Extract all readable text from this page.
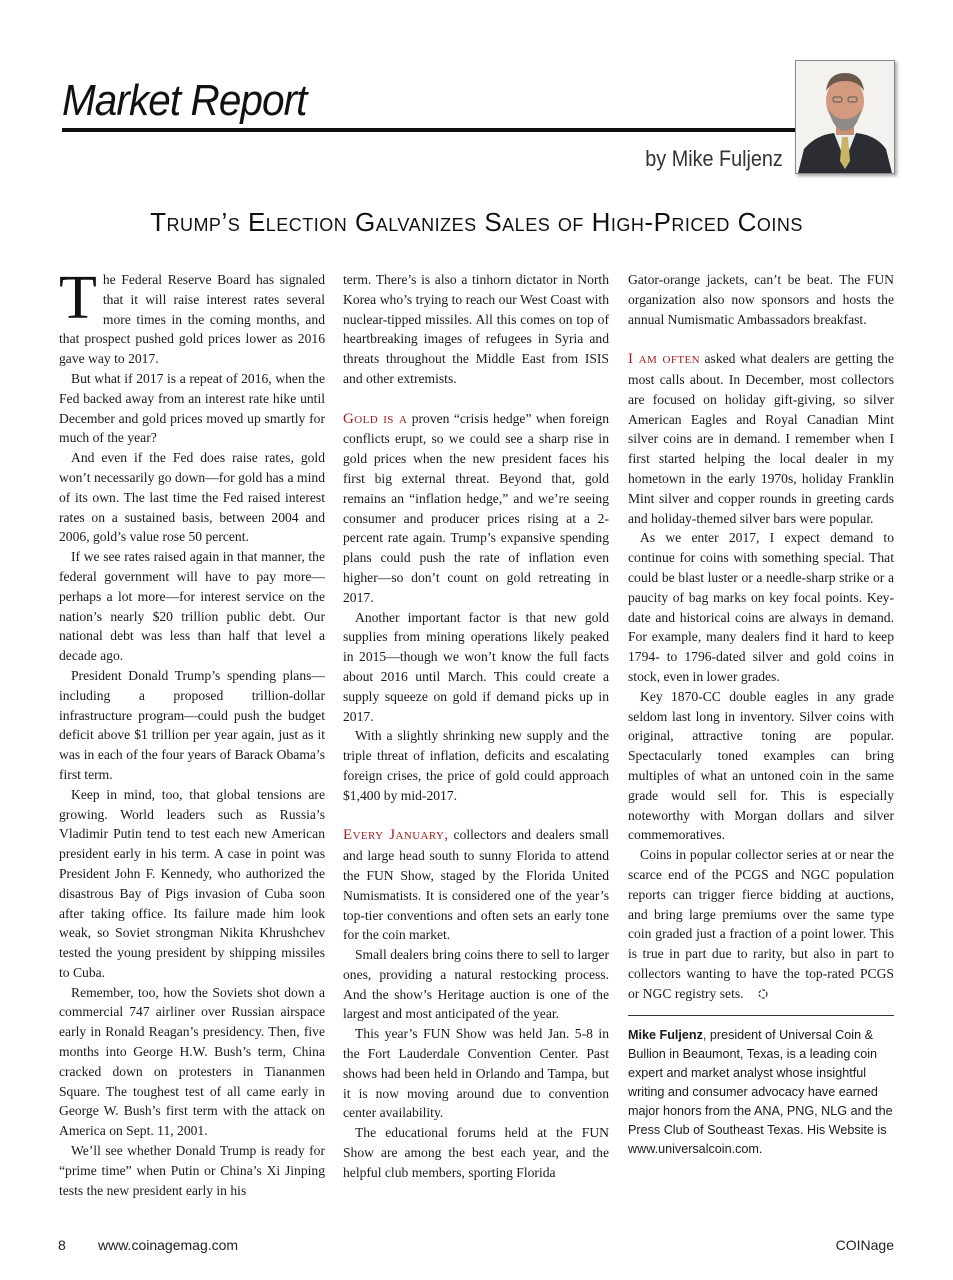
Market Report
by Mike Fuljenz
Trump’s Election Galvanizes Sales of High-Priced Coins

The Federal Reserve Board has signaled that it will raise interest rates several more times in the coming months, and that prospect pushed gold prices lower as 2016 gave way to 2017.

But what if 2017 is a repeat of 2016, when the Fed backed away from an interest rate hike until December and gold prices moved up smartly for much of the year?

And even if the Fed does raise rates, gold won’t necessarily go down—for gold has a mind of its own. The last time the Fed raised interest rates on a sustained basis, between 2004 and 2006, gold’s value rose 50 percent.

If we see rates raised again in that manner, the federal government will have to pay more—perhaps a lot more—for interest service on the nation’s nearly $20 trillion public debt. Our national debt was less than half that level a decade ago.

President Donald Trump’s spending plans—including a proposed trillion-dollar infrastructure program—could push the budget deficit above $1 trillion per year again, just as it was in each of the four years of Barack Obama’s first term.

Keep in mind, too, that global tensions are growing. World leaders such as Russia’s Vladimir Putin tend to test each new American president early in his term. A case in point was President John F. Kennedy, who authorized the disastrous Bay of Pigs invasion of Cuba soon after taking office. Its failure made him look weak, so Soviet strongman Nikita Khrushchev tested the young president by shipping missiles to Cuba.

Remember, too, how the Soviets shot down a commercial 747 airliner over Russian airspace early in Ronald Reagan’s presidency. Then, five months into George H.W. Bush’s term, China cracked down on protesters in Tiananmen Square. The toughest test of all came early in George W. Bush’s first term with the attack on America on Sept. 11, 2001.

We’ll see whether Donald Trump is ready for “prime time” when Putin or China’s Xi Jinping tests the new president early in his

term. There’s is also a tinhorn dictator in North Korea who’s trying to reach our West Coast with nuclear-tipped missiles. All this comes on top of heartbreaking images of refugees in Syria and threats throughout the Middle East from ISIS and other extremists.

Gold is a proven “crisis hedge” when foreign conflicts erupt, so we could see a sharp rise in gold prices when the new president faces his first big external threat. Beyond that, gold remains an “inflation hedge,” and we’re seeing consumer and producer prices rising at a 2-percent rate again. Trump’s expansive spending plans could push the rate of inflation even higher—so don’t count on gold retreating in 2017.

Another important factor is that new gold supplies from mining operations likely peaked in 2015—though we won’t know the full facts about 2016 until March. This could create a supply squeeze on gold if demand picks up in 2017.

With a slightly shrinking new supply and the triple threat of inflation, deficits and escalating foreign crises, the price of gold could approach $1,400 by mid-2017.

Every January, collectors and dealers small and large head south to sunny Florida to attend the FUN Show, staged by the Florida United Numismatists. It is considered one of the year’s top-tier conventions and often sets an early tone for the coin market.

Small dealers bring coins there to sell to larger ones, providing a natural restocking process. And the show’s Heritage auction is one of the largest and most anticipated of the year.

This year’s FUN Show was held Jan. 5-8 in the Fort Lauderdale Convention Center. Past shows had been held in Orlando and Tampa, but it is now moving around due to convention center availability.

The educational forums held at the FUN Show are among the best each year, and the helpful club members, sporting Florida

Gator-orange jackets, can’t be beat. The FUN organization also now sponsors and hosts the annual Numismatic Ambassadors breakfast.

I am often asked what dealers are getting the most calls about. In December, most collectors are focused on holiday gift-giving, so silver American Eagles and Royal Canadian Mint silver coins are in demand. I remember when I first started helping the local dealer in my hometown in the early 1970s, holiday Franklin Mint silver and copper rounds in greeting cards and holiday-themed silver bars were popular.

As we enter 2017, I expect demand to continue for coins with something special. That could be blast luster or a needle-sharp strike or a paucity of bag marks on key focal points. Key-date and historical coins are always in demand. For example, many dealers find it hard to keep 1794- to 1796-dated silver and gold coins in stock, even in lower grades.

Key 1870-CC double eagles in any grade seldom last long in inventory. Silver coins with original, attractive toning are popular. Spectacularly toned examples can bring multiples of what an untoned coin in the same grade would sell for. This is especially noteworthy with Morgan dollars and silver commemoratives.

Coins in popular collector series at or near the scarce end of the PCGS and NGC population reports can trigger fierce bidding at auctions, and bring large premiums over the same type coin graded just a fraction of a point lower. This is true in part due to rarity, but also in part to collectors wanting to have the top-rated PCGS or NGC registry sets.

Mike Fuljenz, president of Universal Coin & Bullion in Beaumont, Texas, is a leading coin expert and market analyst whose insightful writing and consumer advocacy have earned major honors from the ANA, PNG, NLG and the Press Club of Southeast Texas. His Website is www.universalcoin.com.
8 www.coinagemag.com	COINage
